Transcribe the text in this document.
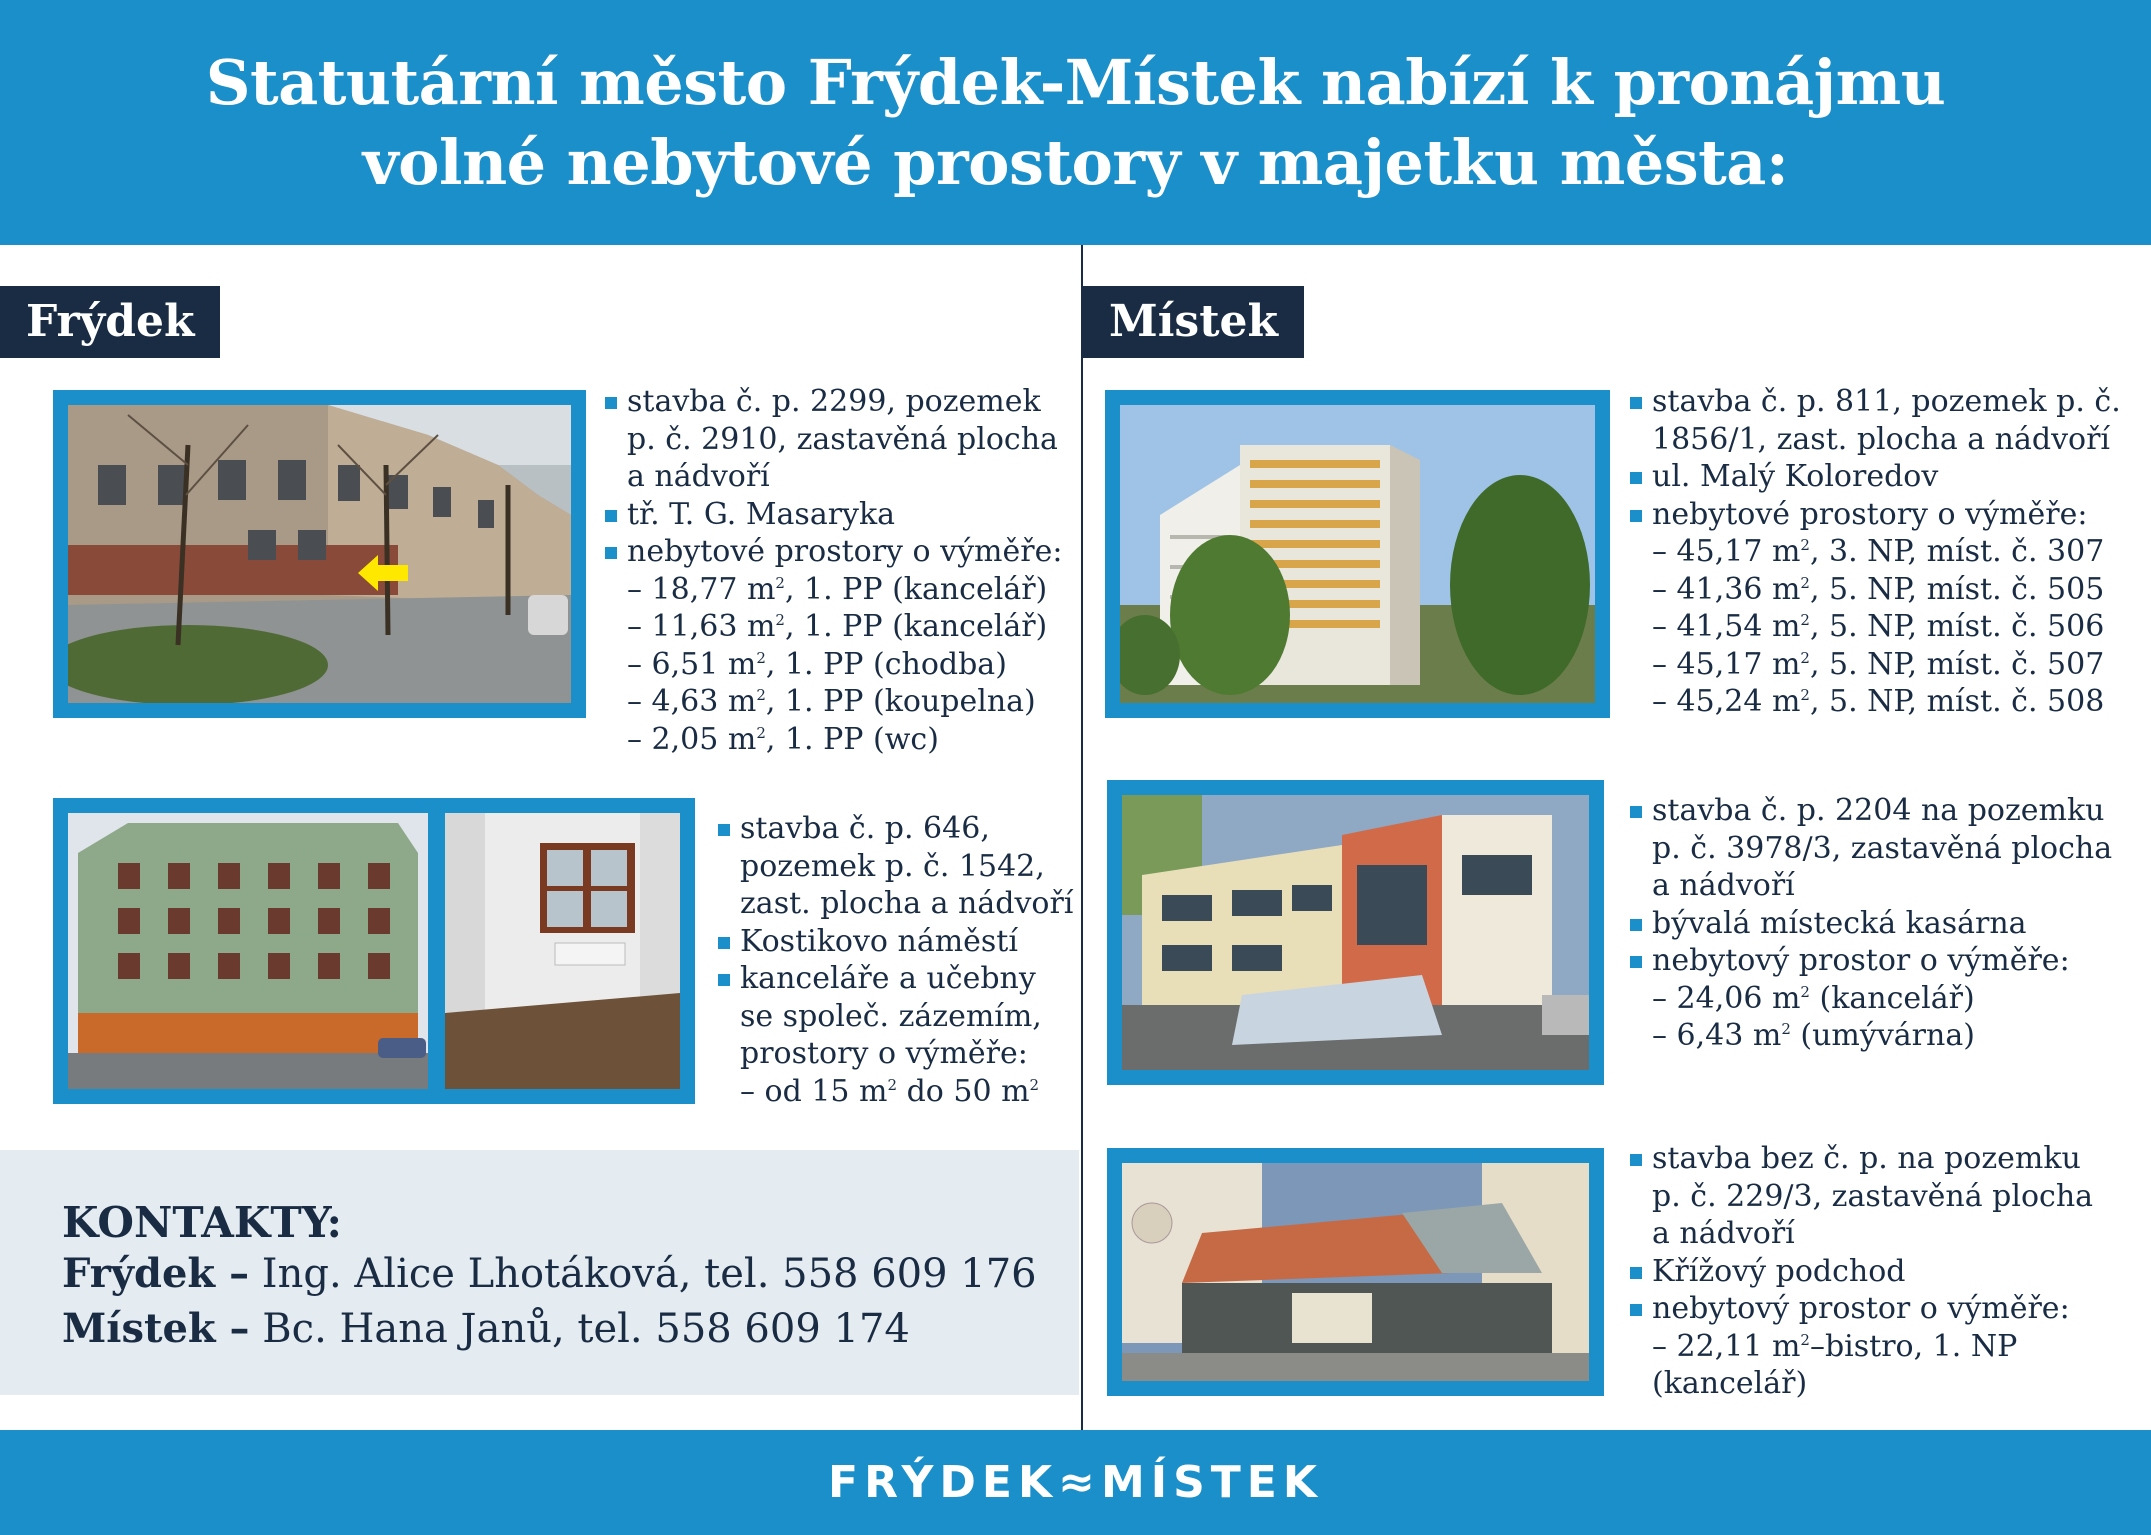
Statutární město Frýdek-Místek nabízí k pronájmu
volné nebytové prostory v majetku města:
Frýdek
stavba č. p. 2299, pozemek
p. č. 2910, zastavěná plocha
a nádvoří
tř. T. G. Masaryka
nebytové prostory o výměře:
– 18,77 $m^2$, 1. PP (kancelář)
– 11,63 $m^2$, 1. PP (kancelář)
– 6,51 $m^2$, 1. PP (chodba)
– 4,63 $m^2$, 1. PP (koupelna)
– 2,05 $m^2$, 1. PP (wc)
stavba č. p. 646,
pozemek p. č. 1542,
zast. plocha a nádvoří
Kostikovo náměstí
kanceláře a učebny
se společ. zázemím,
prostory o výměře:
– od 15 $m^2$ do 50 $m^2$
KONTAKTY:
Frýdek – Ing. Alice Lhotáková, tel. 558 609 176
Místek – Bc. Hana Janů, tel. 558 609 174
Místek
stavba č. p. 811, pozemek p. č.
1856/1, zast. plocha a nádvoří
ul. Malý Koloredov
nebytové prostory o výměře:
– 45,17 $m^2$, 3. NP, míst. č. 307
– 41,36 $m^2$, 5. NP, míst. č. 505
– 41,54 $m^2$, 5. NP, míst. č. 506
– 45,17 $m^2$, 5. NP, míst. č. 507
– 45,24 $m^2$, 5. NP, míst. č. 508
stavba č. p. 2204 na pozemku
p. č. 3978/3, zastavěná plocha
a nádvoří
bývalá místecká kasárna
nebytový prostor o výměře:
– 24,06 $m^2$ (kancelář)
– 6,43 $m^2$ (umývárna)
stavba bez č. p. na pozemku
p. č. 229/3, zastavěná plocha
a nádvoří
Křížový podchod
nebytový prostor o výměře:
– 22,11 $m^2$–bistro, 1. NP
(kancelář)
FRÝDEK≈MÍSTEK
